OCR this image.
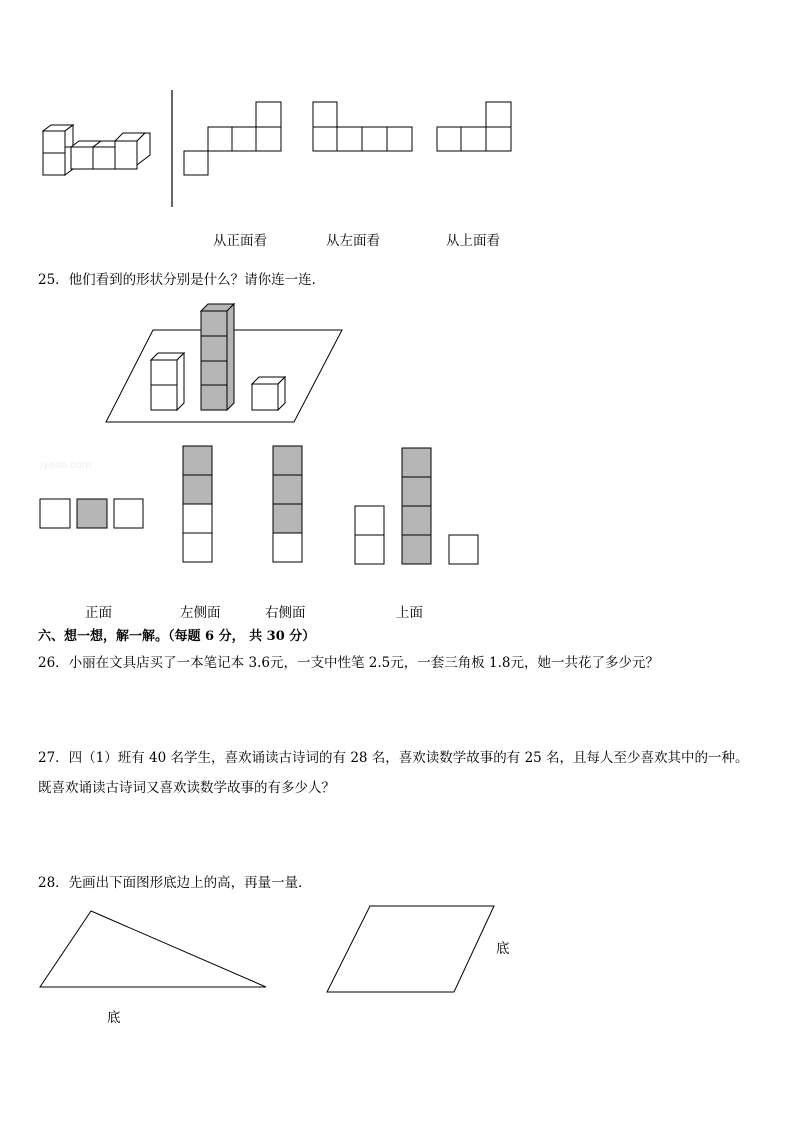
从正面看	从左面看	从上面看
25．他们看到的形状分别是什么？请你连一连．
jyeoo.com
正面	左侧面	右侧面	上面
六、想一想，解一解。（每题 6 分， 共 30 分）
26．小丽在文具店买了一本笔记本 3.6元，一支中性笔 2.5元，一套三角板 1.8元，她一共花了多少元？
27．四（1）班有 40 名学生，喜欢诵读古诗词的有 28 名，喜欢读数学故事的有 25 名，且每人至少喜欢其中的一种。
既喜欢诵读古诗词又喜欢读数学故事的有多少人？
28．先画出下面图形底边上的高，再量一量．
底
底
